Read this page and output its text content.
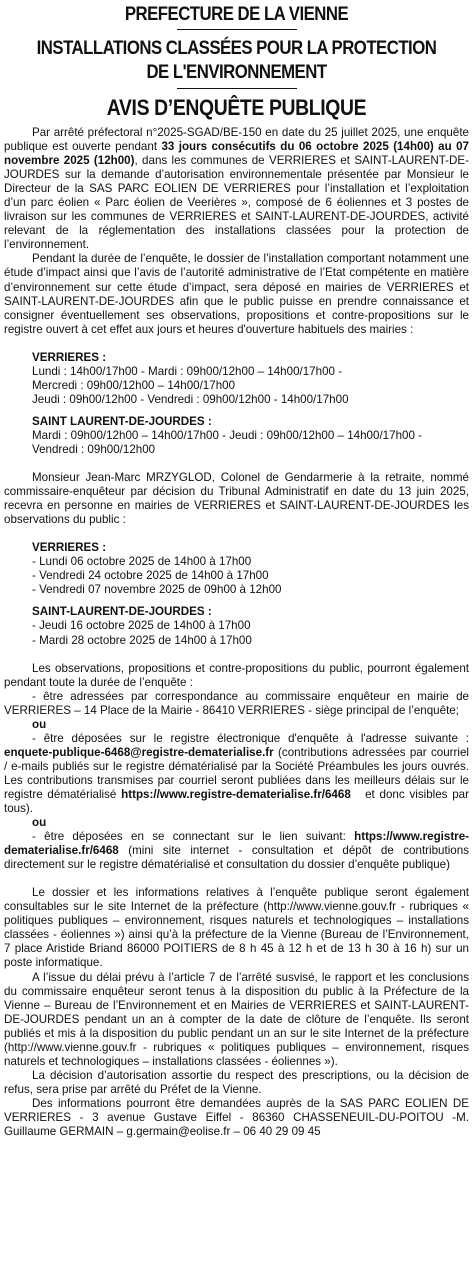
PREFECTURE DE LA VIENNE
INSTALLATIONS CLASSÉES POUR LA PROTECTION DE L'ENVIRONNEMENT
AVIS D’ENQUÊTE PUBLIQUE

Par arrêté préfectoral n°2025-SGAD/BE-150 en date du 25 juillet 2025, une enquête publique est ouverte pendant 33 jours consécutifs du 06 octobre 2025 (14h00) au 07 novembre 2025 (12h00), dans les communes de VERRIERES et SAINT-LAURENT-DE-JOURDES sur la demande d’autorisation environnementale présentée par Monsieur le Directeur de la SAS PARC EOLIEN DE VERRIERES pour l’installation et l’exploitation d’un parc éolien « Parc éolien de Veerières », composé de 6 éoliennes et 3 postes de livraison sur les communes de VERRIERES et SAINT-LAURENT-DE-JOURDES, activité relevant de la réglementation des installations classées pour la protection de l’environnement.

Pendant la durée de l’enquête, le dossier de l’installation comportant notamment une étude d’impact ainsi que l’avis de l’autorité administrative de l’Etat compétente en matière d’environnement sur cette étude d’impact, sera déposé en mairies de VERRIERES et SAINT-LAURENT-DE-JOURDES afin que le public puisse en prendre connaissance et consigner éventuellement ses observations, propositions et contre-propositions sur le registre ouvert à cet effet aux jours et heures d'ouverture habituels des mairies :

VERRIERES :
Lundi : 14h00/17h00 - Mardi : 09h00/12h00 – 14h00/17h00 -
Mercredi : 09h00/12h00 – 14h00/17h00
Jeudi : 09h00/12h00 - Vendredi : 09h00/12h00 - 14h00/17h00
SAINT LAURENT-DE-JOURDES :
Mardi : 09h00/12h00 – 14h00/17h00 - Jeudi : 09h00/12h00 – 14h00/17h00 -
Vendredi : 09h00/12h00

Monsieur Jean-Marc MRZYGLOD, Colonel de Gendarmerie à la retraite, nommé commissaire-enquêteur par décision du Tribunal Administratif en date du 13 juin 2025, recevra en personne en mairies de VERRIERES et SAINT-LAURENT-DE-JOURDES les observations du public :

VERRIERES :
- Lundi 06 octobre 2025 de 14h00 à 17h00
- Vendredi 24 octobre 2025 de 14h00 à 17h00
- Vendredi 07 novembre 2025 de 09h00 à 12h00
SAINT-LAURENT-DE-JOURDES :
- Jeudi 16 octobre 2025 de 14h00 à 17h00
- Mardi 28 octobre 2025 de 14h00 à 17h00

Les observations, propositions et contre-propositions du public, pourront également pendant toute la durée de l’enquête :

- être adressées par correspondance au commissaire enquêteur en mairie de VERRIERES – 14 Place de la Mairie - 86410 VERRIERES - siège principal de l’enquête;

ou

- être déposées sur le registre électronique d'enquête à l'adresse suivante : enquete-publique-6468@registre-dematerialise.fr (contributions adressées par courriel / e-mails publiés sur le registre dématérialisé par la Société Préambules les jours ouvrés. Les contributions transmises par courriel seront publiées dans les meilleurs délais sur le registre dématérialisé https://www.registre-dematerialise.fr/6468 et donc visibles par tous).

ou

- être déposées en se connectant sur le lien suivant: https://www.registre-dematerialise.fr/6468 (mini site internet - consultation et dépôt de contributions directement sur le registre dématérialisé et consultation du dossier d’enquête publique)

Le dossier et les informations relatives à l’enquête publique seront également consultables sur le site Internet de la préfecture (http://www.vienne.gouv.fr - rubriques « politiques publiques – environnement, risques naturels et technologiques – installations classées - éoliennes ») ainsi qu’à la préfecture de la Vienne (Bureau de l’Environnement, 7 place Aristide Briand 86000 POITIERS de 8 h 45 à 12 h et de 13 h 30 à 16 h) sur un poste informatique.

A l’issue du délai prévu à l’article 7 de l’arrêté susvisé, le rapport et les conclusions du commissaire enquêteur seront tenus à la disposition du public à la Préfecture de la Vienne – Bureau de l’Environnement et en Mairies de VERRIERES et SAINT-LAURENT-DE-JOURDES pendant un an à compter de la date de clôture de l’enquête. Ils seront publiés et mis à la disposition du public pendant un an sur le site Internet de la préfecture (http://www.vienne.gouv.fr - rubriques « politiques publiques – environnement, risques naturels et technologiques – installations classées - éoliennes »).

La décision d’autorisation assortie du respect des prescriptions, ou la décision de refus, sera prise par arrêté du Préfet de la Vienne.

Des informations pourront être demandées auprès de la SAS PARC EOLIEN DE VERRIERES - 3 avenue Gustave Eiffel - 86360 CHASSENEUIL-DU-POITOU -M. Guillaume GERMAIN – g.germain@eolise.fr – 06 40 29 09 45
